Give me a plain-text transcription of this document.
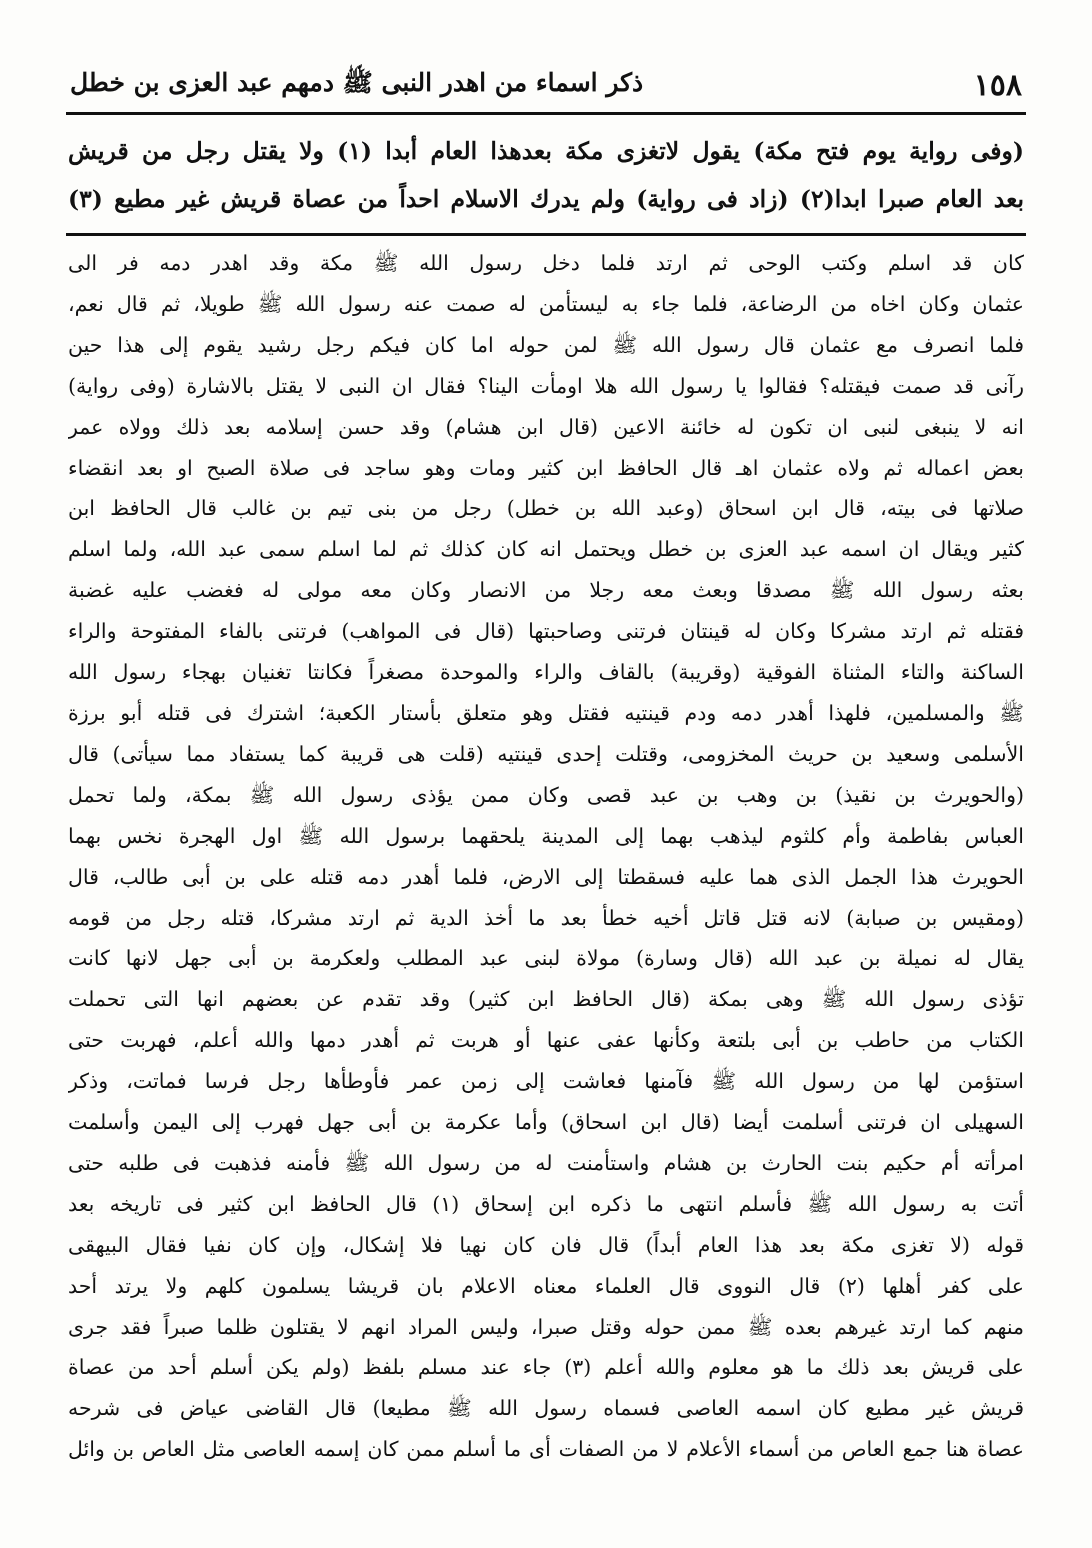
١٥٨
ذكر اسماء من اهدر النبى ﷺ دمهم عبد العزى بن خطل
(وفى رواية يوم فتح مكة) يقول لاتغزى مكة بعدهذا العام أبدا (١) ولا يقتل رجل من قريش
بعد العام صبرا ابدا(٢) (زاد فى رواية) ولم يدرك الاسلام احداً من عصاة قريش غير مطيع (٣)
كان قد اسلم وكتب الوحى ثم ارتد فلما دخل رسول الله ﷺ مكة وقد اهدر دمه فر الى
عثمان وكان اخاه من الرضاعة، فلما جاء به ليستأمن له صمت عنه رسول الله ﷺ طويلا، ثم قال نعم،
فلما انصرف مع عثمان قال رسول الله ﷺ لمن حوله اما كان فيكم رجل رشيد يقوم إلى هذا حين
رآنى قد صمت فيقتله؟ فقالوا يا رسول الله هلا اومأت الينا؟ فقال ان النبى لا يقتل بالاشارة (وفى رواية)
انه لا ينبغى لنبى ان تكون له خائنة الاعين (قال ابن هشام) وقد حسن إسلامه بعد ذلك وولاه عمر
بعض اعماله ثم ولاه عثمان اهـ قال الحافظ ابن كثير ومات وهو ساجد فى صلاة الصبح او بعد انقضاء
صلاتها فى بيته، قال ابن اسحاق (وعبد الله بن خطل) رجل من بنى تيم بن غالب قال الحافظ ابن
كثير ويقال ان اسمه عبد العزى بن خطل ويحتمل انه كان كذلك ثم لما اسلم سمى عبد الله، ولما اسلم
بعثه رسول الله ﷺ مصدقا وبعث معه رجلا من الانصار وكان معه مولى له فغضب عليه غضبة
فقتله ثم ارتد مشركا وكان له قينتان فرتنى وصاحبتها (قال فى المواهب) فرتنى بالفاء المفتوحة والراء
الساكنة والتاء المثناة الفوقية (وقريبة) بالقاف والراء والموحدة مصغراً فكانتا تغنيان بهجاء رسول الله
ﷺ والمسلمين، فلهذا أهدر دمه ودم قينتيه فقتل وهو متعلق بأستار الكعبة؛ اشترك فى قتله أبو برزة
الأسلمى وسعيد بن حريث المخزومى، وقتلت إحدى قينتيه (قلت هى قريبة كما يستفاد مما سيأتى) قال
(والحويرث بن نقيذ) بن وهب بن عبد قصى وكان ممن يؤذى رسول الله ﷺ بمكة، ولما تحمل
العباس بفاطمة وأم كلثوم ليذهب بهما إلى المدينة يلحقهما برسول الله ﷺ اول الهجرة نخس بهما
الحويرث هذا الجمل الذى هما عليه فسقطتا إلى الارض، فلما أهدر دمه قتله على بن أبى طالب، قال
(ومقيس بن صبابة) لانه قتل قاتل أخيه خطأ بعد ما أخذ الدية ثم ارتد مشركا، قتله رجل من قومه
يقال له نميلة بن عبد الله (قال وسارة) مولاة لبنى عبد المطلب ولعكرمة بن أبى جهل لانها كانت
تؤذى رسول الله ﷺ وهى بمكة (قال الحافظ ابن كثير) وقد تقدم عن بعضهم انها التى تحملت
الكتاب من حاطب بن أبى بلتعة وكأنها عفى عنها أو هربت ثم أهدر دمها والله أعلم، فهربت حتى
استؤمن لها من رسول الله ﷺ فآمنها فعاشت إلى زمن عمر فأوطأها رجل فرسا فماتت، وذكر
السهيلى ان فرتنى أسلمت أيضا (قال ابن اسحاق) وأما عكرمة بن أبى جهل فهرب إلى اليمن وأسلمت
امرأته أم حكيم بنت الحارث بن هشام واستأمنت له من رسول الله ﷺ فأمنه فذهبت فى طلبه حتى
أتت به رسول الله ﷺ فأسلم انتهى ما ذكره ابن إسحاق (١) قال الحافظ ابن كثير فى تاريخه بعد
قوله (لا تغزى مكة بعد هذا العام أبداً) قال فان كان نهيا فلا إشكال، وإن كان نفيا فقال البيهقى
على كفر أهلها (٢) قال النووى قال العلماء معناه الاعلام بان قريشا يسلمون كلهم ولا يرتد أحد
منهم كما ارتد غيرهم بعده ﷺ ممن حوله وقتل صبرا، وليس المراد انهم لا يقتلون ظلما صبراً فقد جرى
على قريش بعد ذلك ما هو معلوم والله أعلم (٣) جاء عند مسلم بلفظ (ولم يكن أسلم أحد من عصاة
قريش غير مطيع كان اسمه العاصى فسماه رسول الله ﷺ مطيعا) قال القاضى عياض فى شرحه
عصاة هنا جمع العاص من أسماء الأعلام لا من الصفات أى ما أسلم ممن كان إسمه العاصى مثل العاص بن وائل
